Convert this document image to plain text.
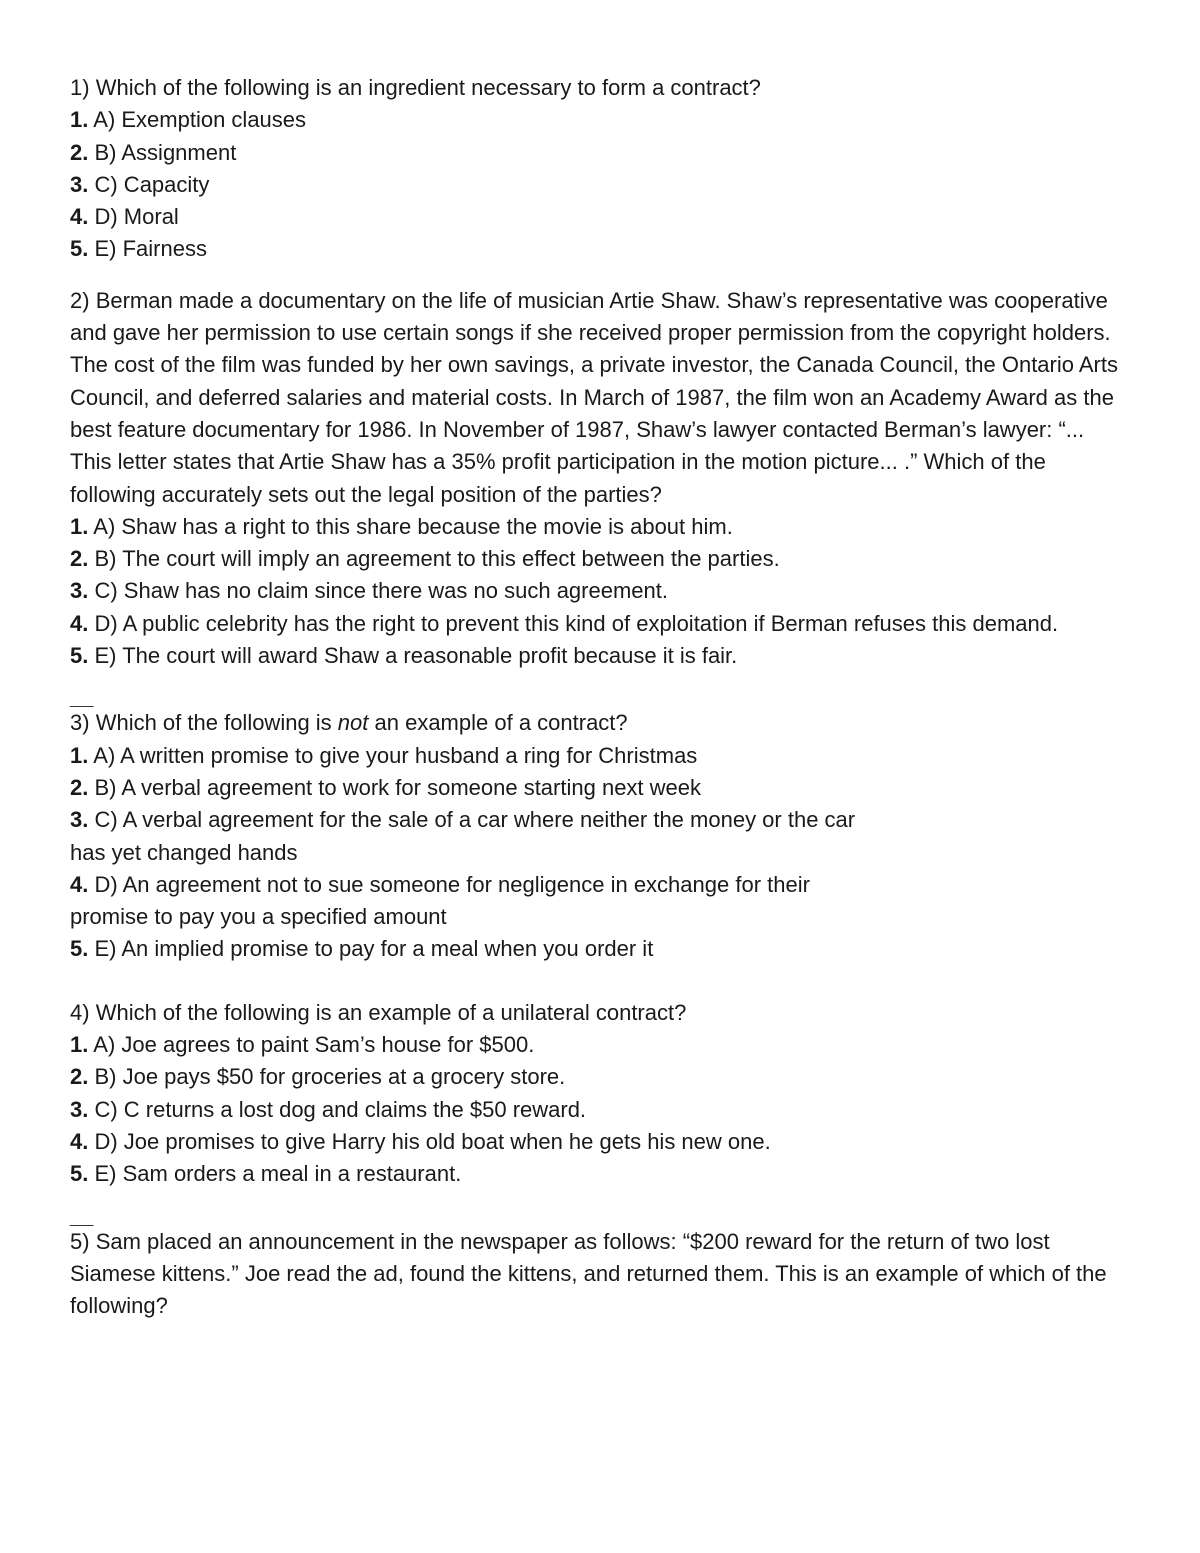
1) Which of the following is an ingredient necessary to form a contract?

1. A) Exemption clauses

2. B) Assignment

3. C) Capacity

4. D) Moral

5. E) Fairness

2) Berman made a documentary on the life of musician Artie Shaw. Shaw’s representative was cooperative and gave her permission to use certain songs if she received proper permission from the copyright holders. The cost of the film was funded by her own savings, a private investor, the Canada Council, the Ontario Arts Council, and deferred salaries and material costs. In March of 1987, the film won an Academy Award as the best feature documentary for 1986. In November of 1987, Shaw’s lawyer contacted Berman’s lawyer: “... This letter states that Artie Shaw has a 35% profit participation in the motion picture... .” Which of the following accurately sets out the legal position of the parties?

1. A) Shaw has a right to this share because the movie is about him.

2. B) The court will imply an agreement to this effect between the parties.

3. C) Shaw has no claim since there was no such agreement.

4. D) A public celebrity has the right to prevent this kind of exploitation if Berman refuses this demand.

5. E) The court will award Shaw a reasonable profit because it is fair.

___

3) Which of the following is not an example of a contract?

1. A) A written promise to give your husband a ring for Christmas

2. B) A verbal agreement to work for someone starting next week

3. C) A verbal agreement for the sale of a car where neither the money or the car has yet changed hands

4. D) An agreement not to sue someone for negligence in exchange for their promise to pay you a specified amount

5. E) An implied promise to pay for a meal when you order it

4) Which of the following is an example of a unilateral contract?

1. A) Joe agrees to paint Sam’s house for $500.

2. B) Joe pays $50 for groceries at a grocery store.

3. C) C returns a lost dog and claims the $50 reward.

4. D) Joe promises to give Harry his old boat when he gets his new one.

5. E) Sam orders a meal in a restaurant.

___

5) Sam placed an announcement in the newspaper as follows: “$200 reward for the return of two lost Siamese kittens.” Joe read the ad, found the kittens, and returned them. This is an example of which of the following?
